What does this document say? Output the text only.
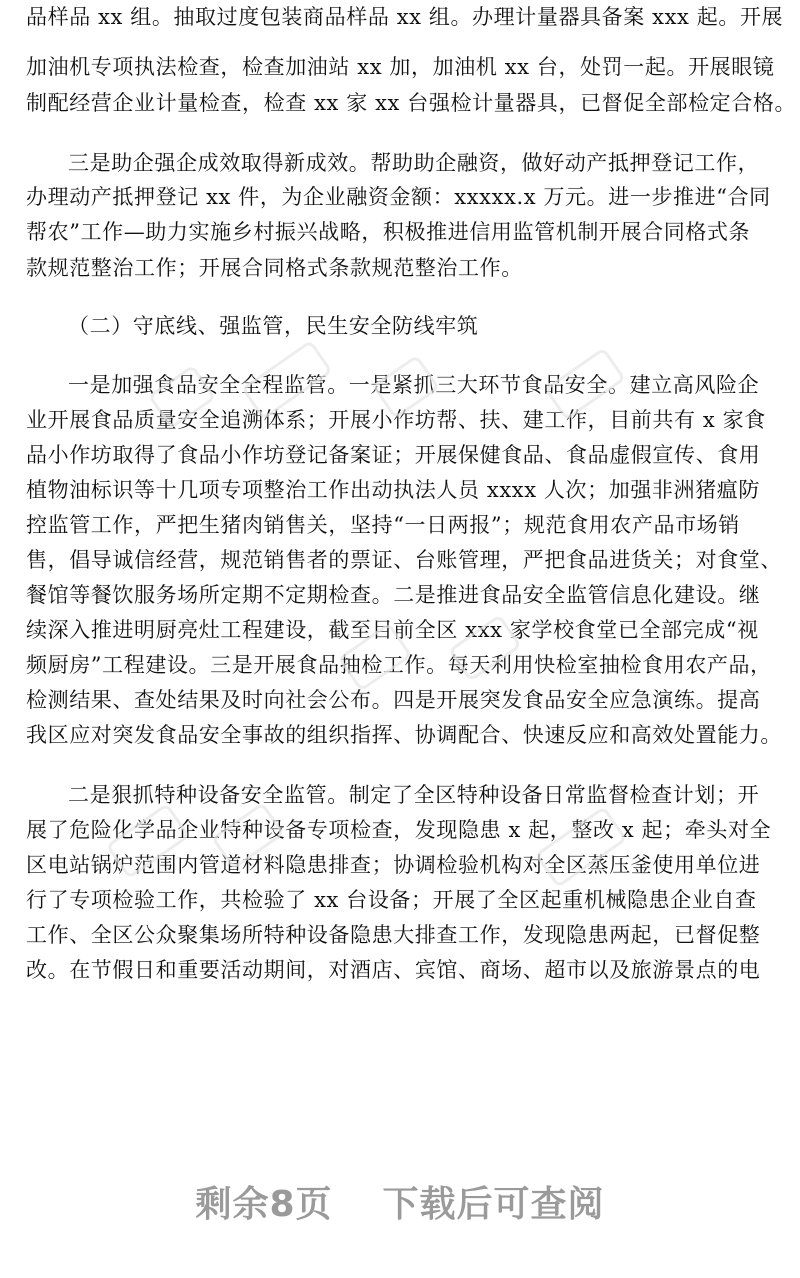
品样品 xx 组。抽取过度包装商品样品 xx 组。办理计量器具备案 xxx 起。开展
加油机专项执法检查，检查加油站 xx 加，加油机 xx 台，处罚一起。开展眼镜
制配经营企业计量检查，检查 xx 家 xx 台强检计量器具，已督促全部检定合格。
三是助企强企成效取得新成效。帮助助企融资，做好动产抵押登记工作，
办理动产抵押登记 xx 件，为企业融资金额：xxxxx.x 万元。进一步推进“合同
帮农”工作—助力实施乡村振兴战略，积极推进信用监管机制开展合同格式条
款规范整治工作；开展合同格式条款规范整治工作。
（二）守底线、强监管，民生安全防线牢筑
一是加强食品安全全程监管。一是紧抓三大环节食品安全。建立高风险企
业开展食品质量安全追溯体系；开展小作坊帮、扶、建工作，目前共有 x 家食
品小作坊取得了食品小作坊登记备案证；开展保健食品、食品虚假宣传、食用
植物油标识等十几项专项整治工作出动执法人员 xxxx 人次；加强非洲猪瘟防
控监管工作，严把生猪肉销售关，坚持“一日两报”；规范食用农产品市场销
售，倡导诚信经营，规范销售者的票证、台账管理，严把食品进货关；对食堂、
餐馆等餐饮服务场所定期不定期检查。二是推进食品安全监管信息化建设。继
续深入推进明厨亮灶工程建设，截至目前全区 xxx 家学校食堂已全部完成“视
频厨房”工程建设。三是开展食品抽检工作。每天利用快检室抽检食用农产品，
检测结果、查处结果及时向社会公布。四是开展突发食品安全应急演练。提高
我区应对突发食品安全事故的组织指挥、协调配合、快速反应和高效处置能力。
二是狠抓特种设备安全监管。制定了全区特种设备日常监督检查计划；开
展了危险化学品企业特种设备专项检查，发现隐患 x 起，整改 x 起；牵头对全
区电站锅炉范围内管道材料隐患排查；协调检验机构对全区蒸压釜使用单位进
行了专项检验工作，共检验了 xx 台设备；开展了全区起重机械隐患企业自查
工作、全区公众聚集场所特种设备隐患大排查工作，发现隐患两起，已督促整
改。在节假日和重要活动期间，对酒店、宾馆、商场、超市以及旅游景点的电
剩余8页 下载后可查阅
